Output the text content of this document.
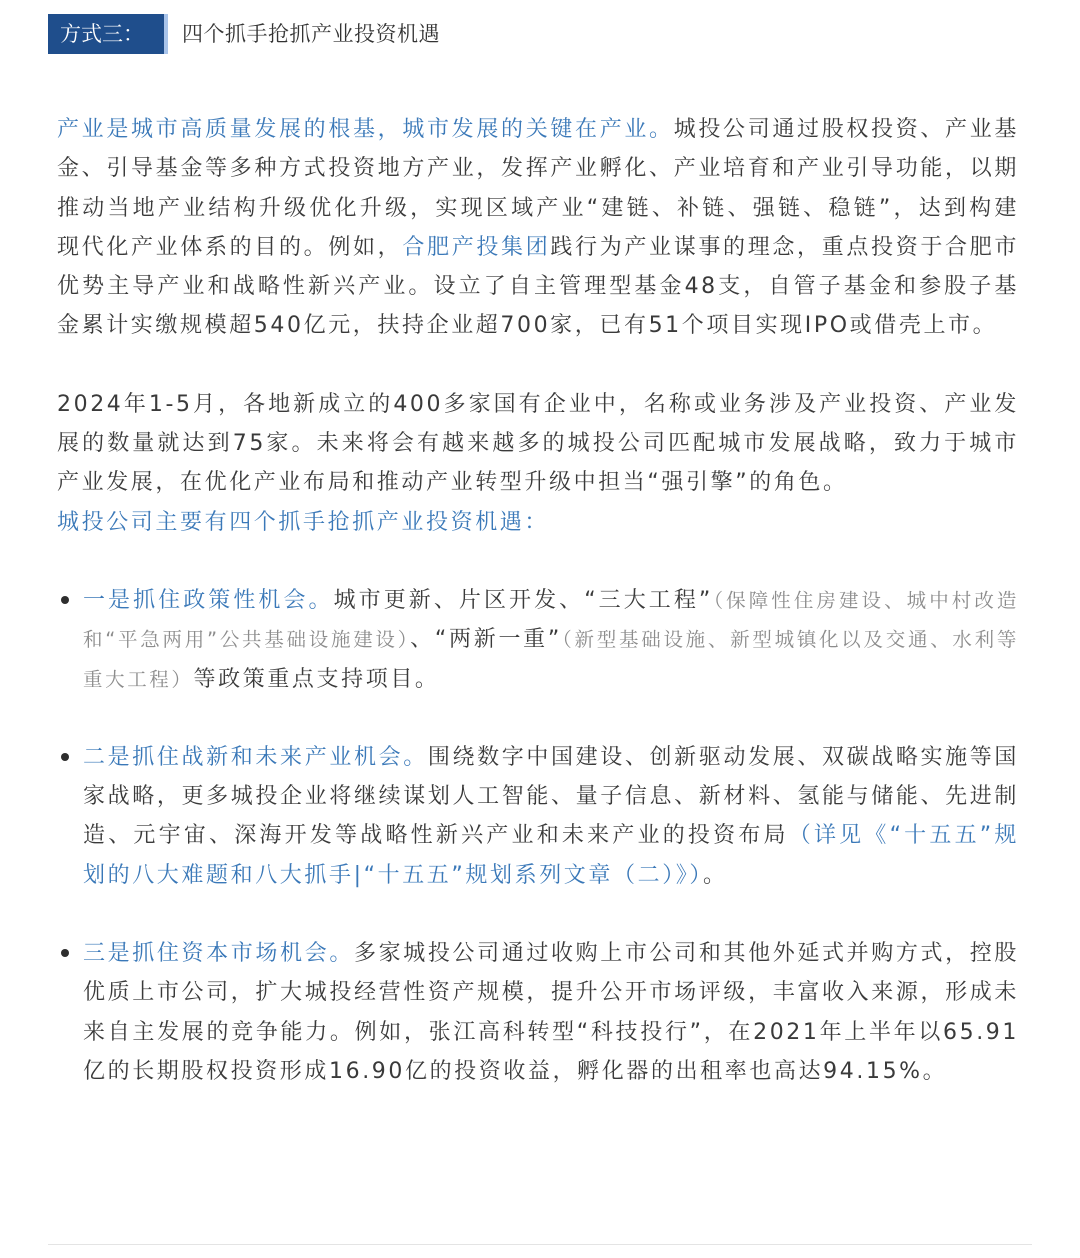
方式三：	四个抓手抢抓产业投资机遇

产业是城市高质量发展的根基，城市发展的关键在产业。城投公司通过股权投资、产业基金、引导基金等多种方式投资地方产业，发挥产业孵化、产业培育和产业引导功能，以期推动当地产业结构升级优化升级，实现区域产业“建链、补链、强链、稳链”，达到构建现代化产业体系的目的。例如，合肥产投集团践行为产业谋事的理念，重点投资于合肥市优势主导产业和战略性新兴产业。设立了自主管理型基金48支，自管子基金和参股子基金累计实缴规模超540亿元，扶持企业超700家，已有51个项目实现IPO或借壳上市。

2024年1-5月，各地新成立的400多家国有企业中，名称或业务涉及产业投资、产业发展的数量就达到75家。未来将会有越来越多的城投公司匹配城市发展战略，致力于城市产业发展，在优化产业布局和推动产业转型升级中担当“强引擎”的角色。
城投公司主要有四个抓手抢抓产业投资机遇：

一是抓住政策性机会。城市更新、片区开发、“三大工程”（保障性住房建设、城中村改造和“平急两用”公共基础设施建设）、“两新一重”（新型基础设施、新型城镇化以及交通、水利等重大工程）等政策重点支持项目。
二是抓住战新和未来产业机会。围绕数字中国建设、创新驱动发展、双碳战略实施等国家战略，更多城投企业将继续谋划人工智能、量子信息、新材料、氢能与储能、先进制造、元宇宙、深海开发等战略性新兴产业和未来产业的投资布局（详见《“十五五”规划的八大难题和八大抓手|“十五五”规划系列文章（二）》）。
三是抓住资本市场机会。多家城投公司通过收购上市公司和其他外延式并购方式，控股优质上市公司，扩大城投经营性资产规模，提升公开市场评级，丰富收入来源，形成未来自主发展的竞争能力。例如，张江高科转型“科技投行”，在2021年上半年以65.91亿的长期股权投资形成16.90亿的投资收益，孵化器的出租率也高达94.15%。
